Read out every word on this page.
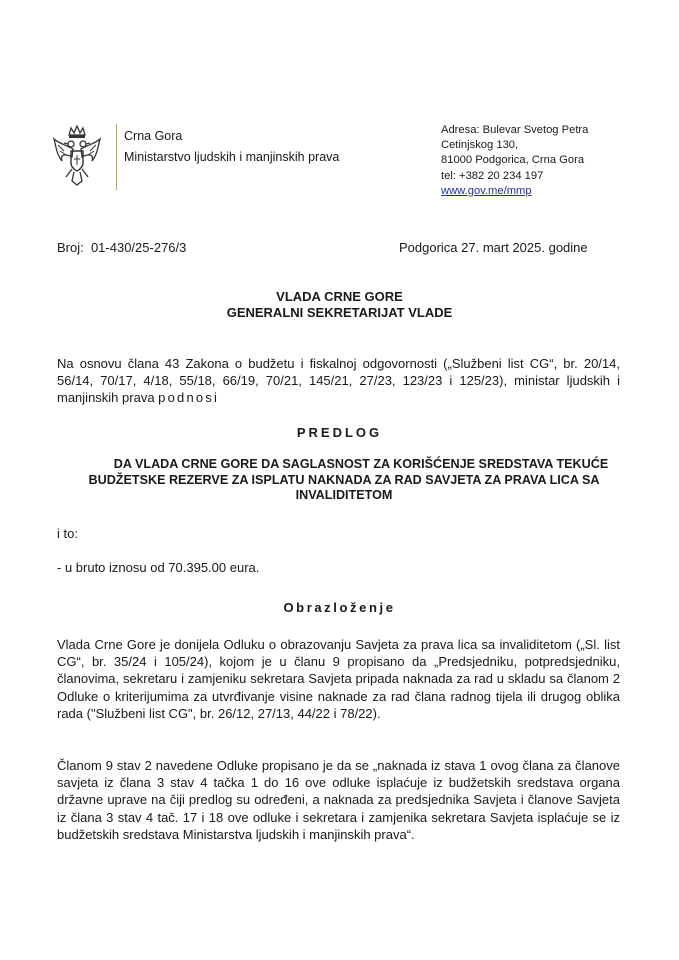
Crna Gora
Ministarstvo ljudskih i manjinskih prava
Adresa: Bulevar Svetog Petra
Cetinjskog 130,
81000 Podgorica, Crna Gora
tel: +382 20 234 197
www.gov.me/mmp
Broj:  01-430/25-276/3	Podgorica 27. mart 2025. godine
VLADA CRNE GORE
GENERALNI SEKRETARIJAT VLADE
Na osnovu člana 43 Zakona o budžetu i fiskalnoj odgovornosti („Službeni list CG“, br. 20/14, 56/14, 70/17, 4/18, 55/18, 66/19, 70/21, 145/21, 27/23, 123/23 i 125/23), ministar ljudskih i manjinskih prava podnosi
PREDLOG
DA VLADA CRNE GORE DA SAGLASNOST ZA KORIŠĆENJE SREDSTAVA TEKUĆE BUDŽETSKE REZERVE ZA ISPLATU NAKNADA ZA RAD SAVJETA ZA PRAVA LICA SA INVALIDITETOM
i to:
- u bruto iznosu od 70.395.00 eura.
Obrazloženje
Vlada Crne Gore je donijela Odluku o obrazovanju Savjeta za prava lica sa invaliditetom („Sl. list CG“, br. 35/24 i 105/24), kojom je u članu 9 propisano da „Predsjedniku, potpredsjedniku, članovima, sekretaru i zamjeniku sekretara Savjeta pripada naknada za rad u skladu sa članom 2 Odluke o kriterijumima za utvrđivanje visine naknade za rad člana radnog tijela ili drugog oblika rada ("Službeni list CG", br. 26/12, 27/13, 44/22 i 78/22).
Članom 9 stav 2 navedene Odluke propisano je da se „naknada iz stava 1 ovog člana za članove savjeta iz člana 3 stav 4 tačka 1 do 16 ove odluke isplaćuje iz budžetskih sredstava organa državne uprave na čiji predlog su određeni, a naknada za predsjednika Savjeta i članove Savjeta iz člana 3 stav 4 tač. 17 i 18 ove odluke i sekretara i zamjenika sekretara Savjeta isplaćuje se iz budžetskih sredstava Ministarstva ljudskih i manjinskih prava“.
